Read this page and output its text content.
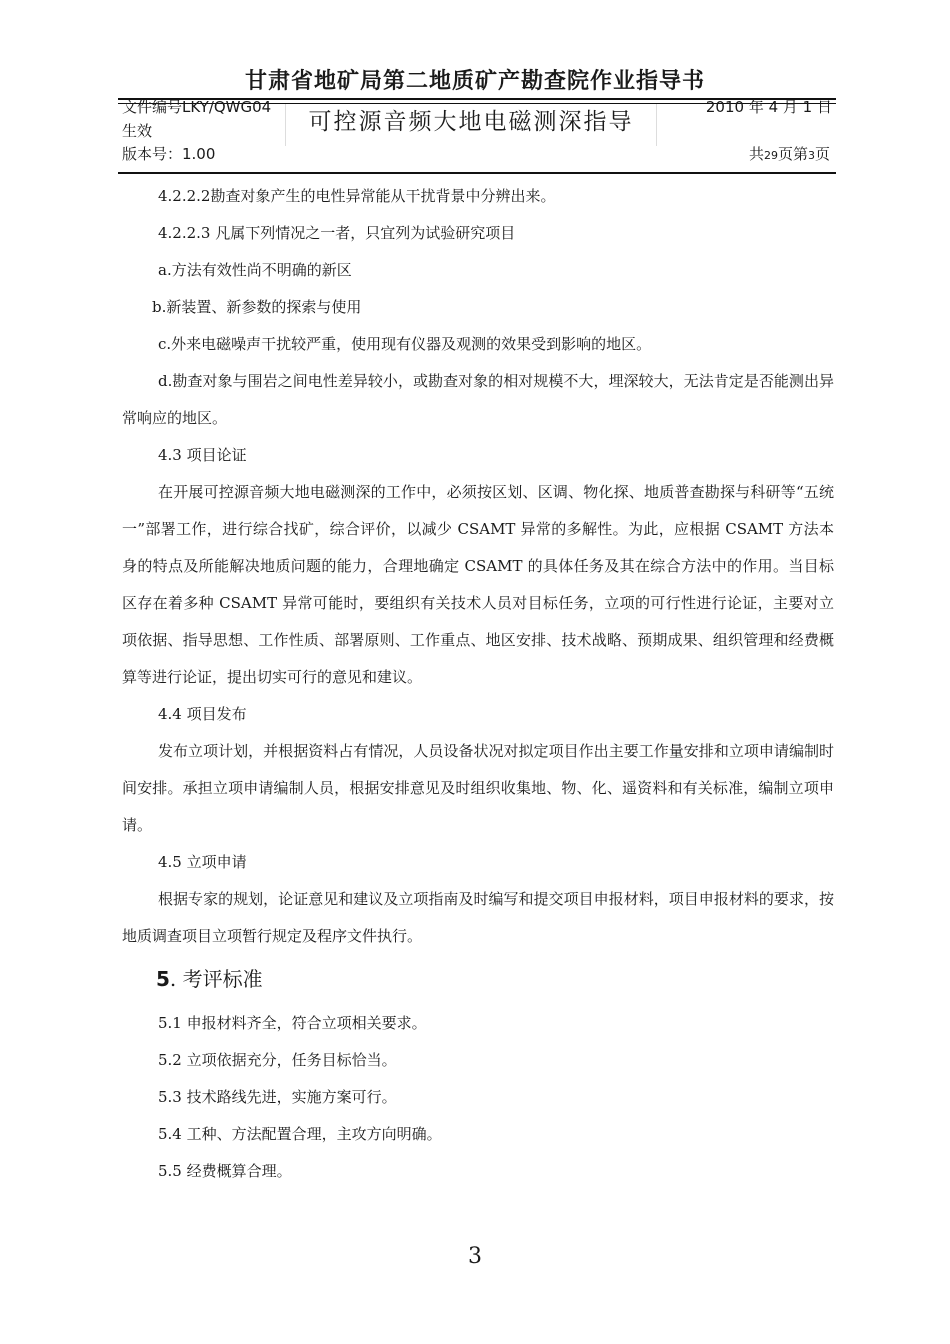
甘肃省地矿局第二地质矿产勘查院作业指导书
文件编号LKY/QWG04
生效
版本号：1.00
可控源音频大地电磁测深指导
2010 年 4 月 1 日
共29页第3页

4.2.2.2勘查对象产生的电性异常能从干扰背景中分辨出来。

4.2.2.3 凡属下列情况之一者，只宜列为试验研究项目

a.方法有效性尚不明确的新区

b.新装置、新参数的探索与使用

c.外来电磁噪声干扰较严重，使用现有仪器及观测的效果受到影响的地区。

d.勘查对象与围岩之间电性差异较小，或勘查对象的相对规模不大，埋深较大，无法肯定是否能测出异常响应的地区。

4.3 项目论证

在开展可控源音频大地电磁测深的工作中，必须按区划、区调、物化探、地质普查勘探与科研等“五统一”部署工作，进行综合找矿，综合评价，以减少 CSAMT 异常的多解性。为此，应根据 CSAMT 方法本身的特点及所能解决地质问题的能力，合理地确定 CSAMT 的具体任务及其在综合方法中的作用。当目标区存在着多种 CSAMT 异常可能时，要组织有关技术人员对目标任务，立项的可行性进行论证，主要对立项依据、指导思想、工作性质、部署原则、工作重点、地区安排、技术战略、预期成果、组织管理和经费概算等进行论证，提出切实可行的意见和建议。

4.4 项目发布

发布立项计划，并根据资料占有情况，人员设备状况对拟定项目作出主要工作量安排和立项申请编制时间安排。承担立项申请编制人员，根据安排意见及时组织收集地、物、化、遥资料和有关标准，编制立项申请。

4.5 立项申请

根据专家的规划，论证意见和建议及立项指南及时编写和提交项目申报材料，项目申报材料的要求，按地质调查项目立项暂行规定及程序文件执行。

5. 考评标准

5.1 申报材料齐全，符合立项相关要求。

5.2 立项依据充分，任务目标恰当。

5.3 技术路线先进，实施方案可行。

5.4 工种、方法配置合理，主攻方向明确。

5.5 经费概算合理。

3
